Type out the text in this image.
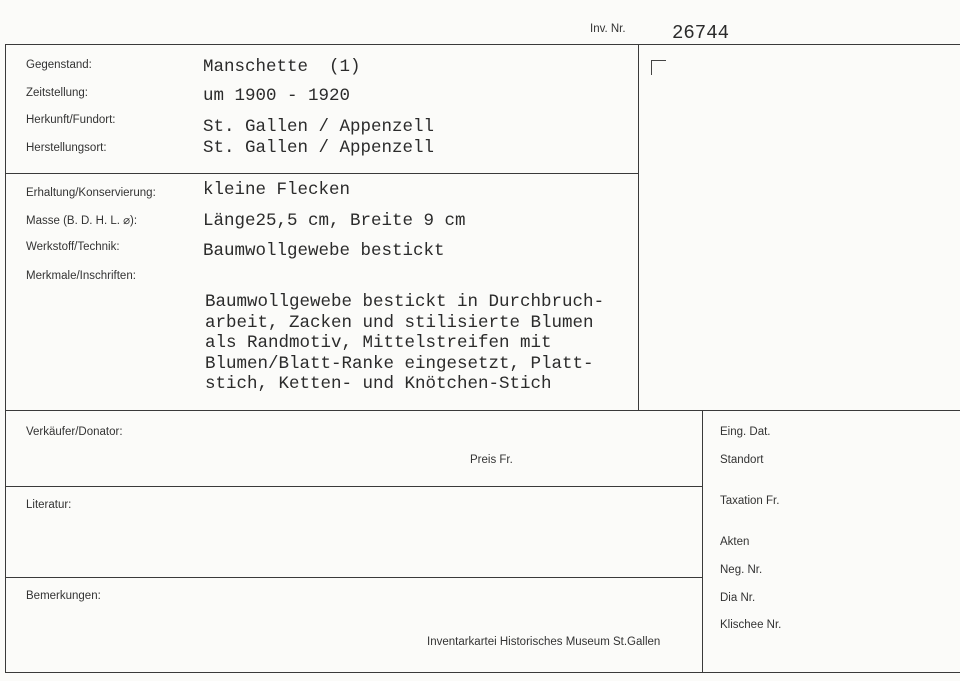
Inv. Nr. 26744
Gegenstand:	Manschette  (1)
Zeitstellung:	um 1900 - 1920
Herkunft/Fundort:	St. Gallen / Appenzell
Herstellungsort:	St. Gallen / Appenzell
Erhaltung/Konservierung:	kleine Flecken
Masse (B. D. H. L. ⌀):	Länge25,5 cm, Breite 9 cm
Werkstoff/Technik:	Baumwollgewebe bestickt
Merkmale/Inschriften:
Baumwollgewebe bestickt in Durchbruch-
arbeit, Zacken und stilisierte Blumen
als Randmotiv, Mittelstreifen mit
Blumen/Blatt-Ranke eingesetzt, Platt-
stich, Ketten- und Knötchen-Stich
Verkäufer/Donator:
Preis Fr.
Literatur:
Bemerkungen:
Inventarkartei Historisches Museum St.Gallen
Eing. Dat.
Standort
Taxation Fr.
Akten
Neg. Nr.
Dia Nr.
Klischee Nr.
